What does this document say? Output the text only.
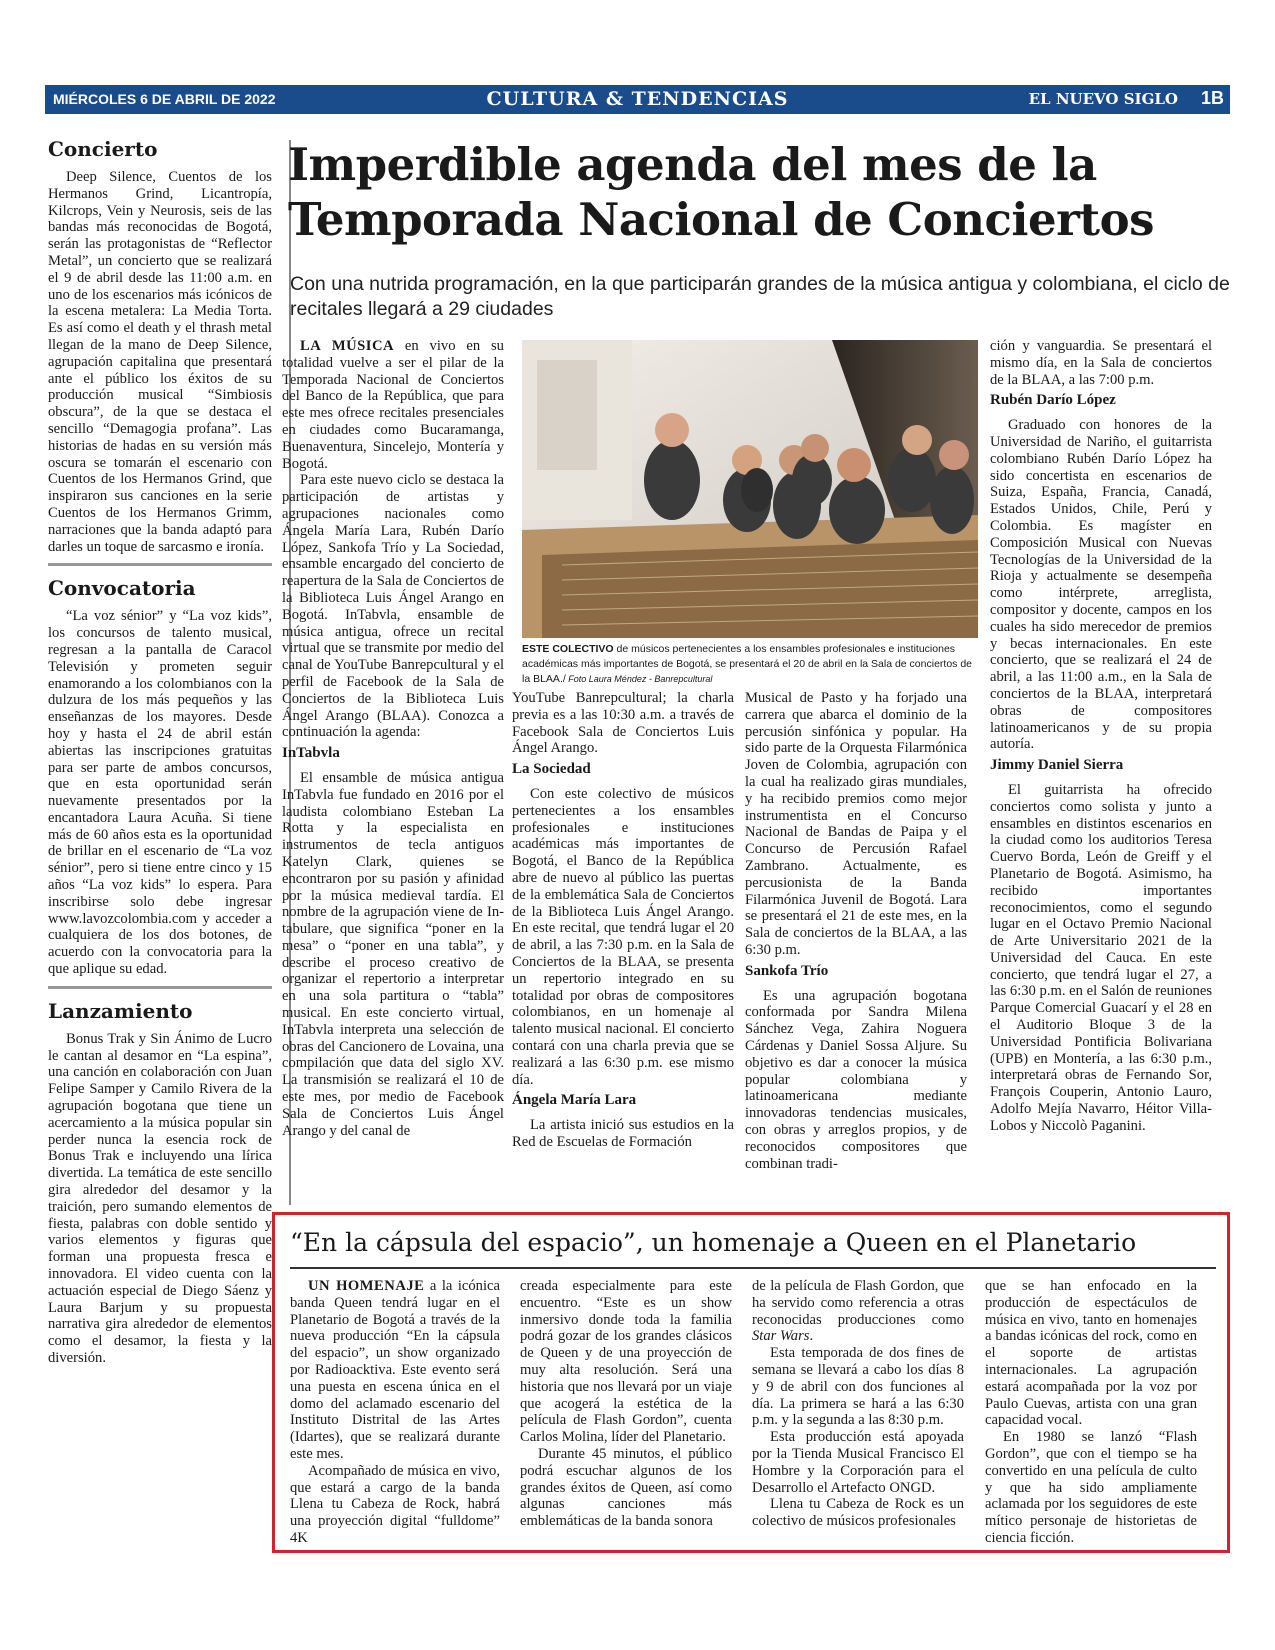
MIÉRCOLES 6 DE ABRIL DE 2022	CULTURA & TENDENCIAS	EL NUEVO SIGLO 1B
Concierto

Deep Silence, Cuentos de los Hermanos Grind, Licantropía, Kilcrops, Vein y Neurosis, seis de las bandas más reconocidas de Bogotá, serán las protagonistas de “Reflector Metal”, un concierto que se realizará el 9 de abril desde las 11:00 a.m. en uno de los escenarios más icónicos de la escena metalera: La Media Torta. Es así como el death y el thrash metal llegan de la mano de Deep Silence, agrupación capitalina que presentará ante el público los éxitos de su producción musical “Simbiosis obscura”, de la que se destaca el sencillo “Demagogia profana”. Las historias de hadas en su versión más oscura se tomarán el escenario con Cuentos de los Hermanos Grind, que inspiraron sus canciones en la serie Cuentos de los Hermanos Grimm, narraciones que la banda adaptó para darles un toque de sarcasmo e ironía.

Convocatoria

“La voz sénior” y “La voz kids”, los concursos de talento musical, regresan a la pantalla de Caracol Televisión y prometen seguir enamorando a los colombianos con la dulzura de los más pequeños y las enseñanzas de los mayores. Desde hoy y hasta el 24 de abril están abiertas las inscripciones gratuitas para ser parte de ambos concursos, que en esta oportunidad serán nuevamente presentados por la encantadora Laura Acuña. Si tiene más de 60 años esta es la oportunidad de brillar en el escenario de “La voz sénior”, pero si tiene entre cinco y 15 años “La voz kids” lo espera. Para inscribirse solo debe ingresar www.lavozcolombia.com y acceder a cualquiera de los dos botones, de acuerdo con la convocatoria para la que aplique su edad.

Lanzamiento

Bonus Trak y Sin Ánimo de Lucro le cantan al desamor en “La espina”, una canción en colaboración con Juan Felipe Samper y Camilo Rivera de la agrupación bogotana que tiene un acercamiento a la música popular sin perder nunca la esencia rock de Bonus Trak e incluyendo una lírica divertida. La temática de este sencillo gira alrededor del desamor y la traición, pero sumando elementos de fiesta, palabras con doble sentido y varios elementos y figuras que forman una propuesta fresca e innovadora. El video cuenta con la actuación especial de Diego Sáenz y Laura Barjum y su propuesta narrativa gira alrededor de elementos como el desamor, la fiesta y la diversión.

Imperdible agenda del mes de la Temporada Nacional de Conciertos
Con una nutrida programación, en la que participarán grandes de la música antigua y colombiana, el ciclo de recitales llegará a 29 ciudades

LA MÚSICA en vivo en su totalidad vuelve a ser el pilar de la Temporada Nacional de Conciertos del Banco de la República, que para este mes ofrece recitales presenciales en ciudades como Bucaramanga, Buenaventura, Sincelejo, Montería y Bogotá.

Para este nuevo ciclo se destaca la participación de artistas y agrupaciones nacionales como Ángela María Lara, Rubén Darío López, Sankofa Trío y La Sociedad, ensamble encargado del concierto de reapertura de la Sala de Conciertos de la Biblioteca Luis Ángel Arango en Bogotá. InTabvla, ensamble de música antigua, ofrece un recital virtual que se transmite por medio del canal de YouTube Banrepcultural y el perfil de Facebook de la Sala de Conciertos de la Biblioteca Luis Ángel Arango (BLAA). Conozca a continuación la agenda:

InTabvla

El ensamble de música antigua InTabvla fue fundado en 2016 por el laudista colombiano Esteban La Rotta y la especialista en instrumentos de tecla antiguos Katelyn Clark, quienes se encontraron por su pasión y afinidad por la música medieval tardía. El nombre de la agrupación viene de In-tabulare, que significa “poner en la mesa” o “poner en una tabla”, y describe el proceso creativo de organizar el repertorio a interpretar en una sola partitura o “tabla” musical. En este concierto virtual, InTabvla interpreta una selección de obras del Cancionero de Lovaina, una compilación que data del siglo XV. La transmisión se realizará el 10 de este mes, por medio de Facebook Sala de Conciertos Luis Ángel Arango y del canal de

ESTE COLECTIVO de músicos pertenecientes a los ensambles profesionales e instituciones académicas más importantes de Bogotá, se presentará el 20 de abril en la Sala de conciertos de la BLAA./ Foto Laura Méndez - Banrepcultural

YouTube Banrepcultural; la charla previa es a las 10:30 a.m. a través de Facebook Sala de Conciertos Luis Ángel Arango.

La Sociedad

Con este colectivo de músicos pertenecientes a los ensambles profesionales e instituciones académicas más importantes de Bogotá, el Banco de la República abre de nuevo al público las puertas de la emblemática Sala de Conciertos de la Biblioteca Luis Ángel Arango. En este recital, que tendrá lugar el 20 de abril, a las 7:30 p.m. en la Sala de Conciertos de la BLAA, se presenta un repertorio integrado en su totalidad por obras de compositores colombianos, en un homenaje al talento musical nacional. El concierto contará con una charla previa que se realizará a las 6:30 p.m. ese mismo día.

Ángela María Lara

La artista inició sus estudios en la Red de Escuelas de Formación

Musical de Pasto y ha forjado una carrera que abarca el dominio de la percusión sinfónica y popular. Ha sido parte de la Orquesta Filarmónica Joven de Colombia, agrupación con la cual ha realizado giras mundiales, y ha recibido premios como mejor instrumentista en el Concurso Nacional de Bandas de Paipa y el Concurso de Percusión Rafael Zambrano. Actualmente, es percusionista de la Banda Filarmónica Juvenil de Bogotá. Lara se presentará el 21 de este mes, en la Sala de conciertos de la BLAA, a las 6:30 p.m.

Sankofa Trío

Es una agrupación bogotana conformada por Sandra Milena Sánchez Vega, Zahira Noguera Cárdenas y Daniel Sossa Aljure. Su objetivo es dar a conocer la música popular colombiana y latinoamericana mediante innovadoras tendencias musicales, con obras y arreglos propios, y de reconocidos compositores que combinan tradi-

ción y vanguardia. Se presentará el mismo día, en la Sala de conciertos de la BLAA, a las 7:00 p.m.

Rubén Darío López

Graduado con honores de la Universidad de Nariño, el guitarrista colombiano Rubén Darío López ha sido concertista en escenarios de Suiza, España, Francia, Canadá, Estados Unidos, Chile, Perú y Colombia. Es magíster en Composición Musical con Nuevas Tecnologías de la Universidad de la Rioja y actualmente se desempeña como intérprete, arreglista, compositor y docente, campos en los cuales ha sido merecedor de premios y becas internacionales. En este concierto, que se realizará el 24 de abril, a las 11:00 a.m., en la Sala de conciertos de la BLAA, interpretará obras de compositores latinoamericanos y de su propia autoría.

Jimmy Daniel Sierra

El guitarrista ha ofrecido conciertos como solista y junto a ensambles en distintos escenarios en la ciudad como los auditorios Teresa Cuervo Borda, León de Greiff y el Planetario de Bogotá. Asimismo, ha recibido importantes reconocimientos, como el segundo lugar en el Octavo Premio Nacional de Arte Universitario 2021 de la Universidad del Cauca. En este concierto, que tendrá lugar el 27, a las 6:30 p.m. en el Salón de reuniones Parque Comercial Guacarí y el 28 en el Auditorio Bloque 3 de la Universidad Pontificia Bolivariana (UPB) en Montería, a las 6:30 p.m., interpretará obras de Fernando Sor, François Couperin, Antonio Lauro, Adolfo Mejía Navarro, Héitor Villa-Lobos y Niccolò Paganini.

“En la cápsula del espacio”, un homenaje a Queen en el Planetario

UN HOMENAJE a la icónica banda Queen tendrá lugar en el Planetario de Bogotá a través de la nueva producción “En la cápsula del espacio”, un show organizado por Radioacktiva. Este evento será una puesta en escena única en el domo del aclamado escenario del Instituto Distrital de las Artes (Idartes), que se realizará durante este mes.

Acompañado de música en vivo, que estará a cargo de la banda Llena tu Cabeza de Rock, habrá una proyección digital “fulldome” 4K

creada especialmente para este encuentro. “Este es un show inmersivo donde toda la familia podrá gozar de los grandes clásicos de Queen y de una proyección de muy alta resolución. Será una historia que nos llevará por un viaje que acogerá la estética de la película de Flash Gordon”, cuenta Carlos Molina, líder del Planetario.

Durante 45 minutos, el público podrá escuchar algunos de los grandes éxitos de Queen, así como algunas canciones más emblemáticas de la banda sonora

de la película de Flash Gordon, que ha servido como referencia a otras reconocidas producciones como Star Wars.

Esta temporada de dos fines de semana se llevará a cabo los días 8 y 9 de abril con dos funciones al día. La primera se hará a las 6:30 p.m. y la segunda a las 8:30 p.m.

Esta producción está apoyada por la Tienda Musical Francisco El Hombre y la Corporación para el Desarrollo el Artefacto ONGD.

Llena tu Cabeza de Rock es un colectivo de músicos profesionales

que se han enfocado en la producción de espectáculos de música en vivo, tanto en homenajes a bandas icónicas del rock, como en el soporte de artistas internacionales. La agrupación estará acompañada por la voz por Paulo Cuevas, artista con una gran capacidad vocal.

En 1980 se lanzó “Flash Gordon”, que con el tiempo se ha convertido en una película de culto y que ha sido ampliamente aclamada por los seguidores de este mítico personaje de historietas de ciencia ficción.
